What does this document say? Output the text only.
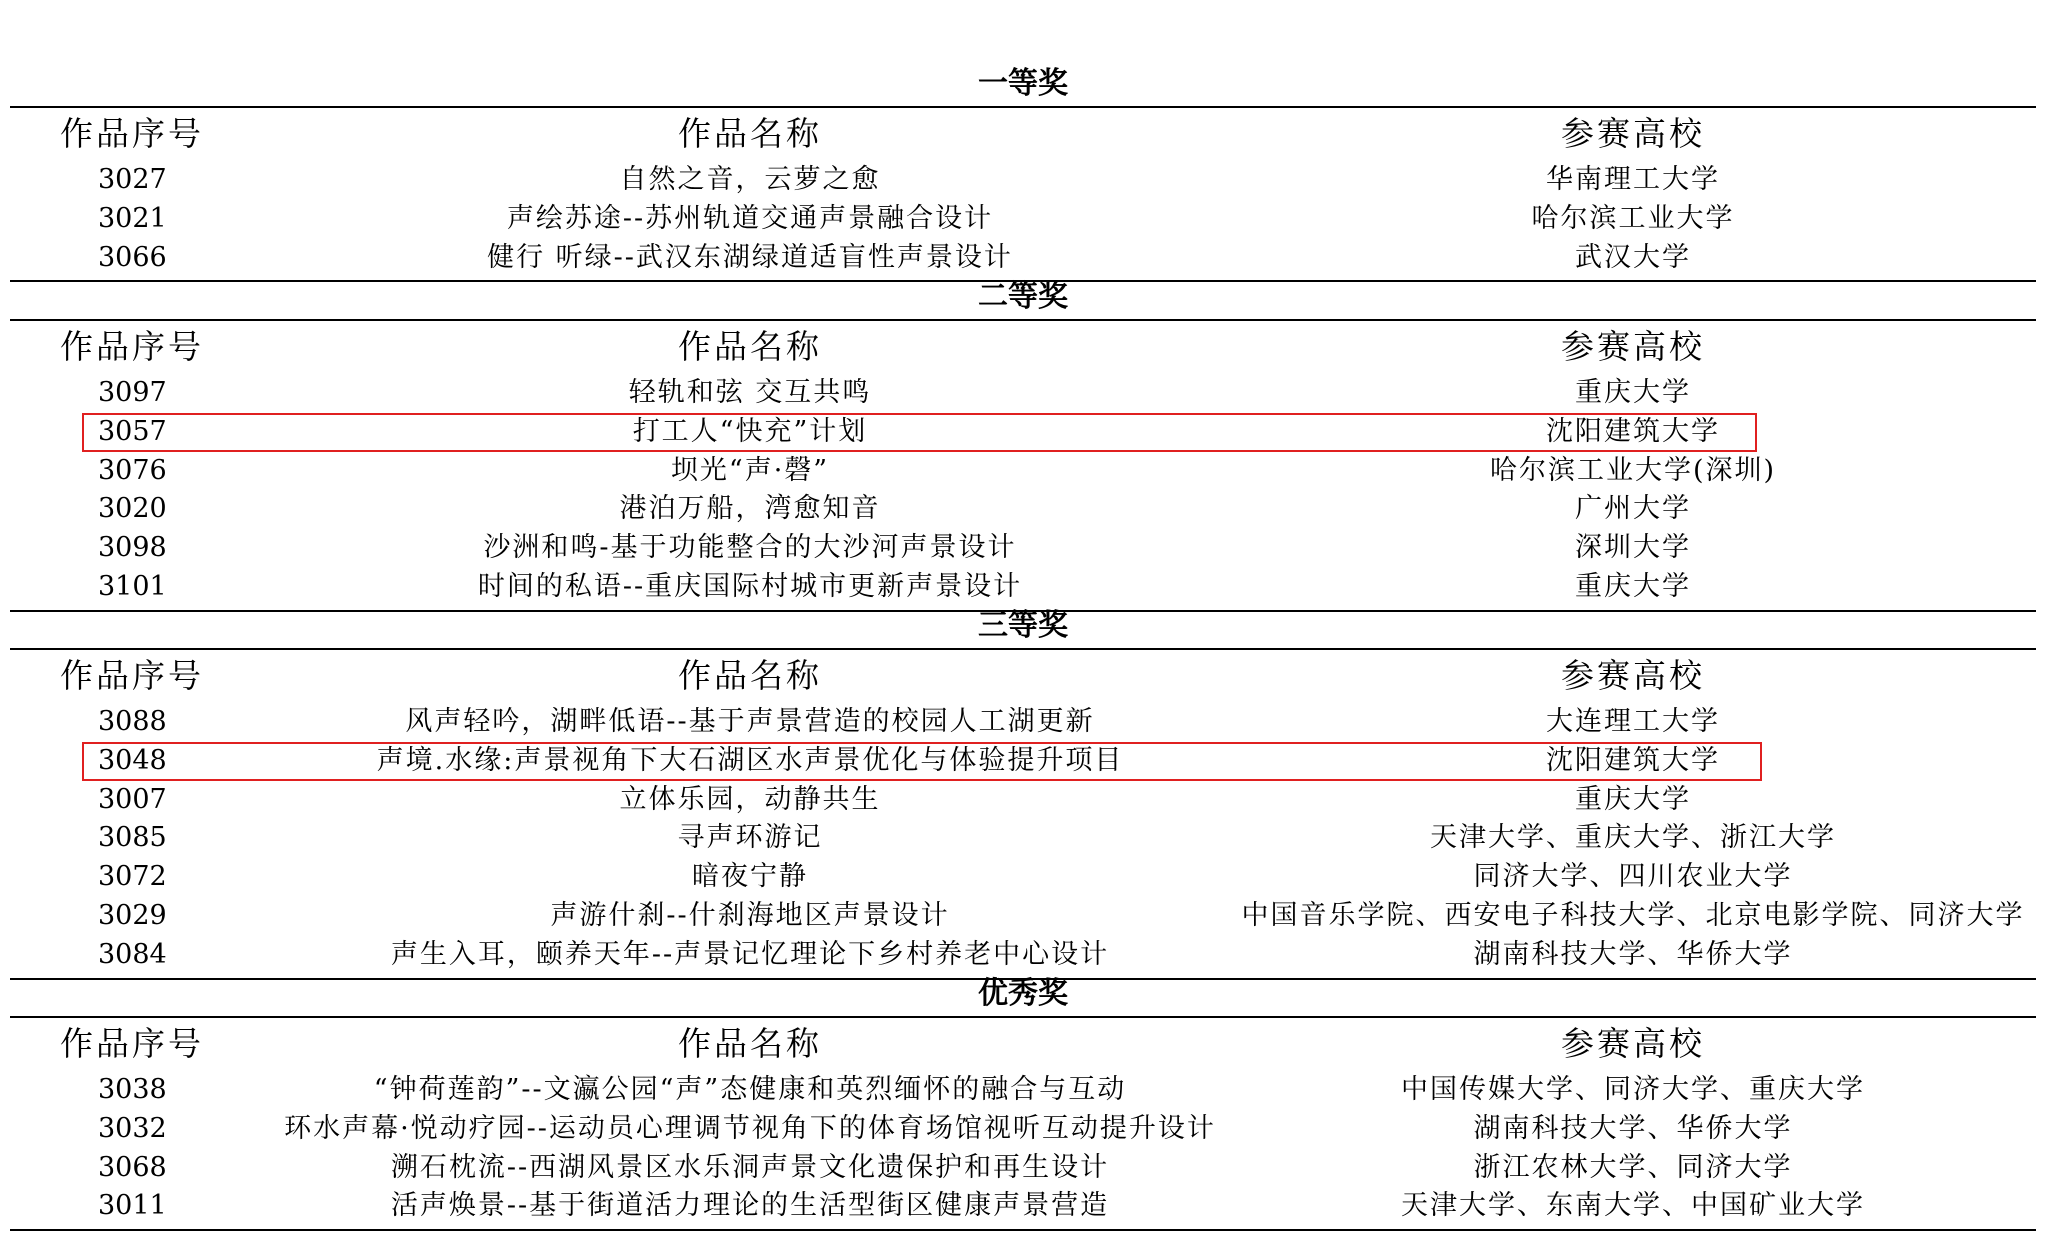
一等奖
作品序号	作品名称	参赛高校
3027	自然之音，云萝之愈	华南理工大学
3021	声绘苏途--苏州轨道交通声景融合设计	哈尔滨工业大学
3066	健行 听绿--武汉东湖绿道适盲性声景设计	武汉大学
二等奖
作品序号	作品名称	参赛高校
3097	轻轨和弦 交互共鸣	重庆大学
3057	打工人“快充”计划	沈阳建筑大学
3076	坝光“声·磬”	哈尔滨工业大学(深圳)
3020	港泊万船，湾愈知音	广州大学
3098	沙洲和鸣-基于功能整合的大沙河声景设计	深圳大学
3101	时间的私语--重庆国际村城市更新声景设计	重庆大学
三等奖
作品序号	作品名称	参赛高校
3088	风声轻吟，湖畔低语--基于声景营造的校园人工湖更新	大连理工大学
3048	声境.水缘:声景视角下大石湖区水声景优化与体验提升项目	沈阳建筑大学
3007	立体乐园，动静共生	重庆大学
3085	寻声环游记	天津大学、重庆大学、浙江大学
3072	暗夜宁静	同济大学、四川农业大学
3029	声游什刹--什刹海地区声景设计	中国音乐学院、西安电子科技大学、北京电影学院、同济大学
3084	声生入耳，颐养天年--声景记忆理论下乡村养老中心设计	湖南科技大学、华侨大学
优秀奖
作品序号	作品名称	参赛高校
3038	“钟荷莲韵”--文瀛公园“声”态健康和英烈缅怀的融合与互动	中国传媒大学、同济大学、重庆大学
3032	环水声幕·悦动疗园--运动员心理调节视角下的体育场馆视听互动提升设计	湖南科技大学、华侨大学
3068	溯石枕流--西湖风景区水乐洞声景文化遗保护和再生设计	浙江农林大学、同济大学
3011	活声焕景--基于街道活力理论的生活型街区健康声景营造	天津大学、东南大学、中国矿业大学
